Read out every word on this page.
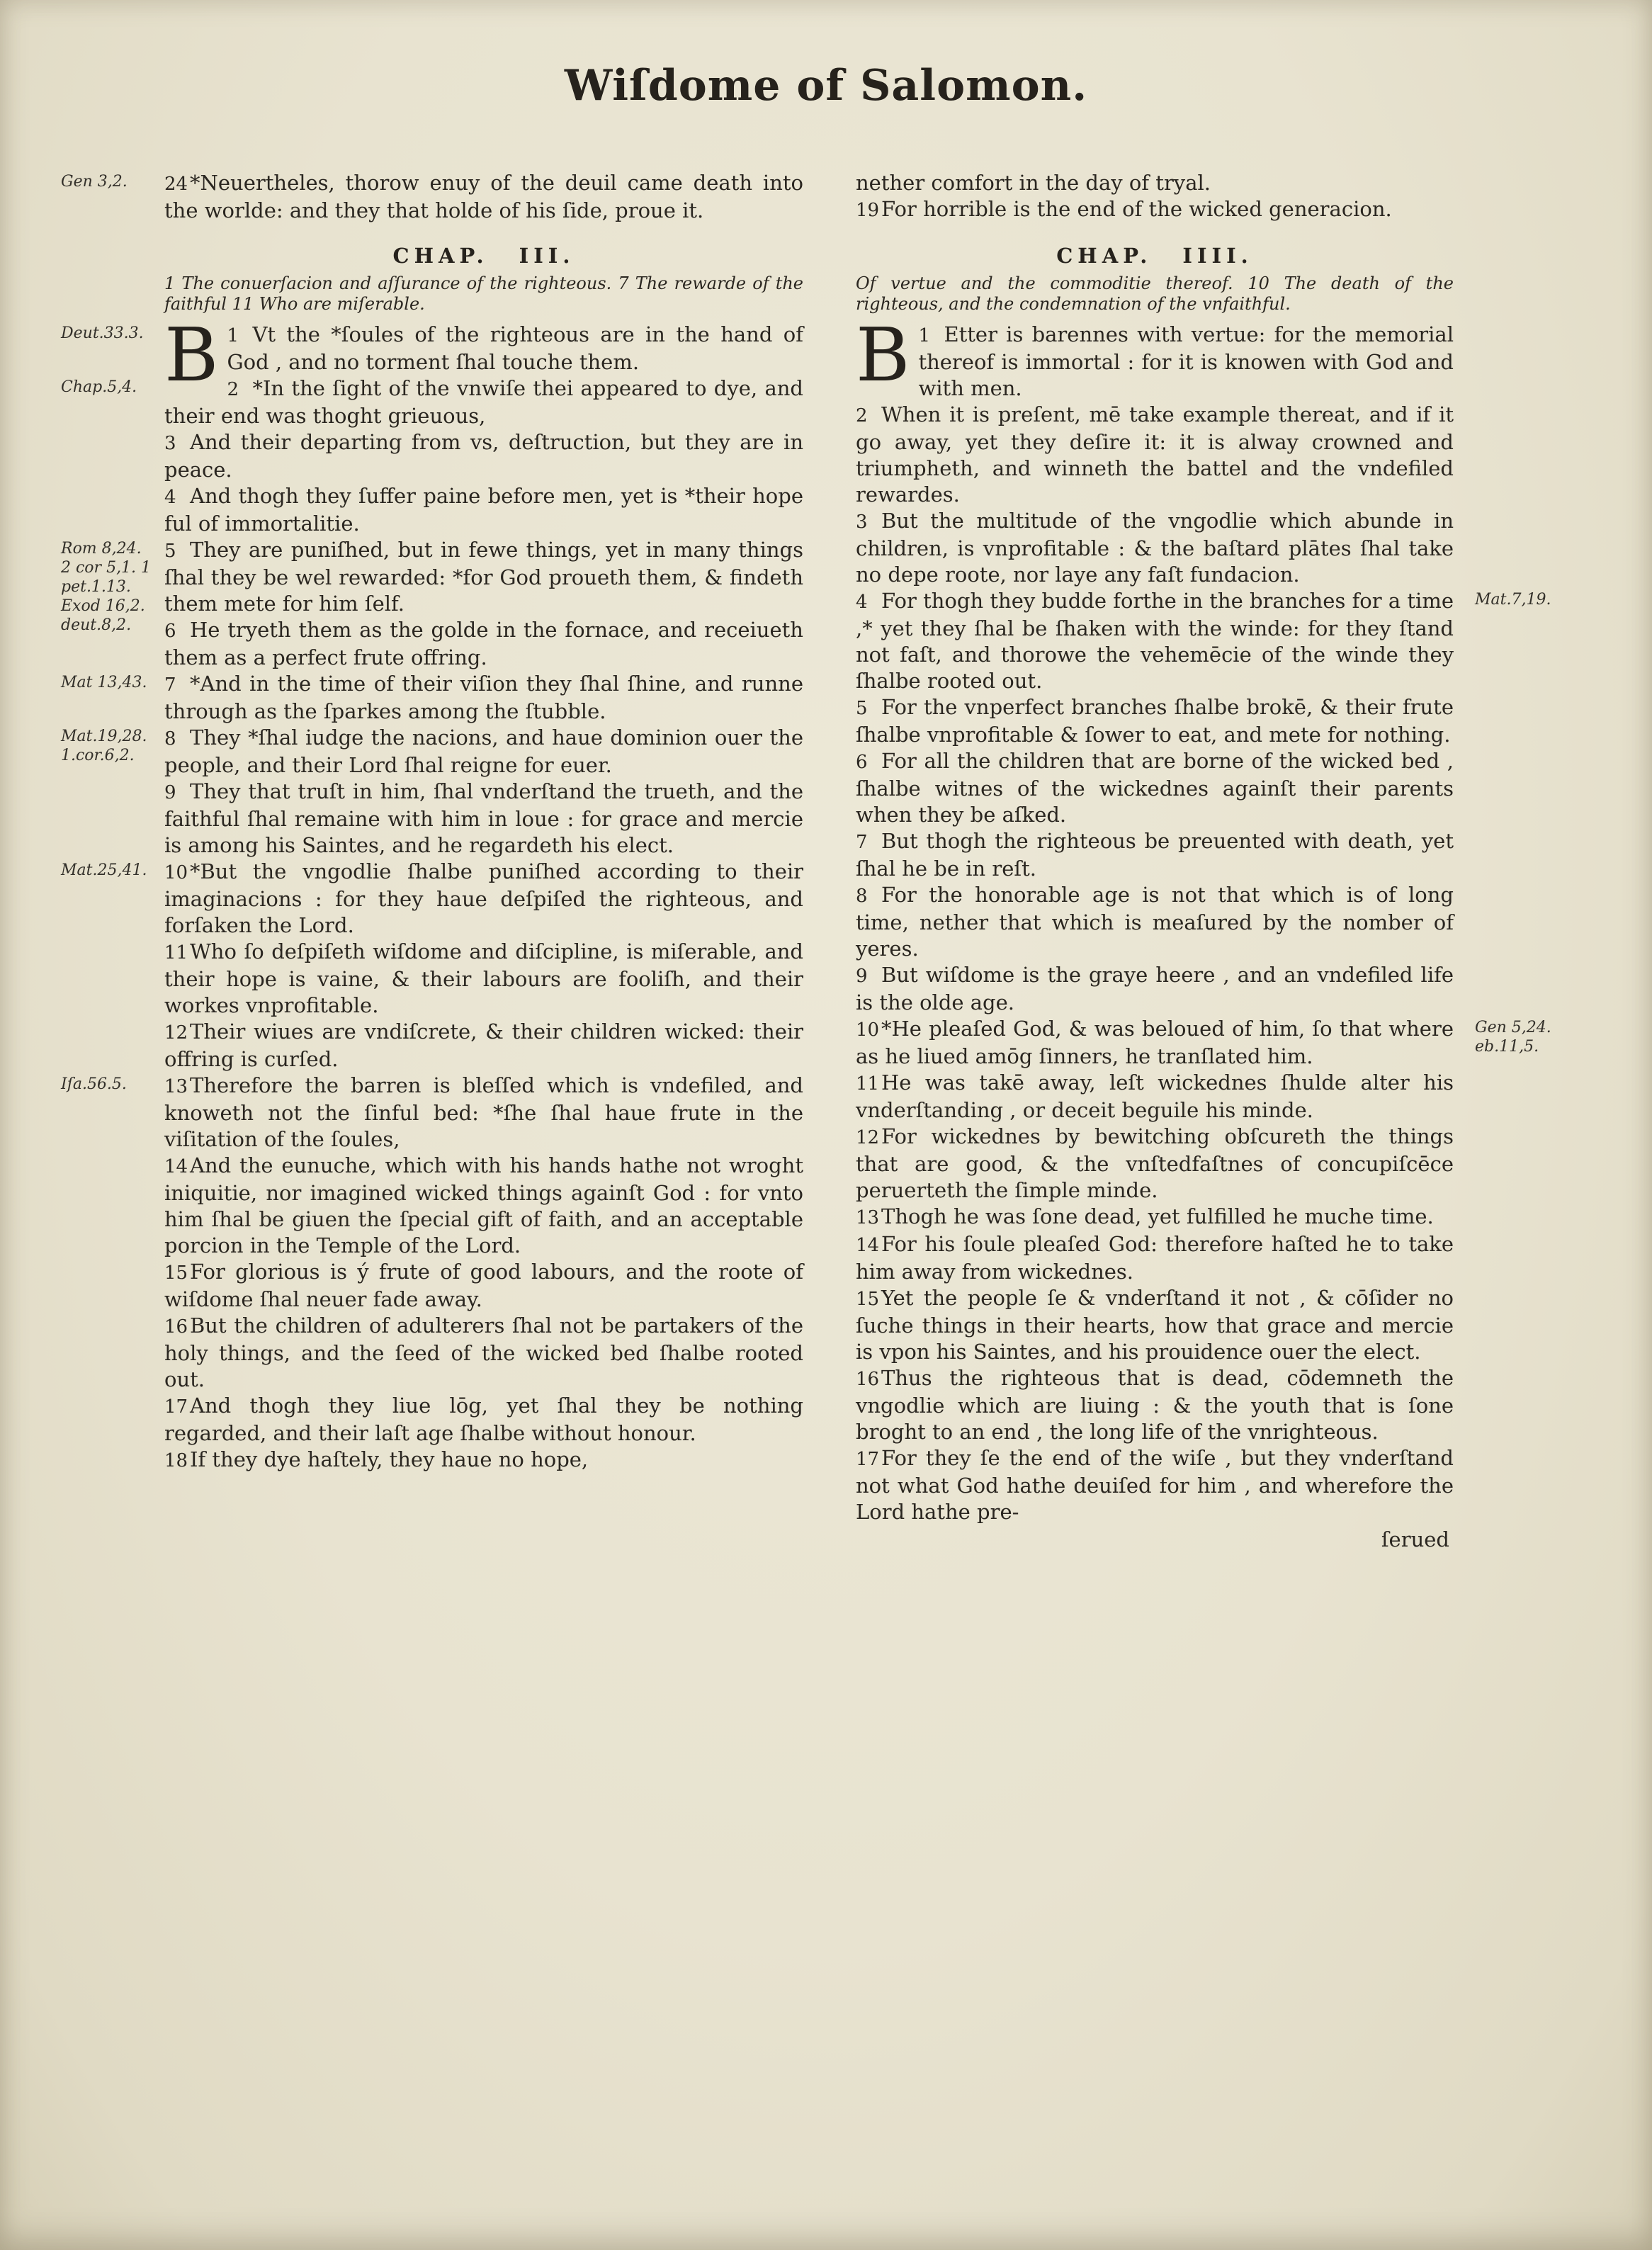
Wiſdome of Salomon.

Gen 3,2.	24 *Neuertheles, thorow enuy of the deuil came death into the worlde: and they that holde of his ſide, proue it.

CHAP. III.

1 The conuerſacion and aſſurance of the righteous. 7 The rewarde of the faithful 11 Who are miſerable.

Deut.33.3. B 1 Vt the *ſoules of the righteous are in the hand of God , and no torment ſhal touche them.

Chap.5,4.	2 *In the ſight of the vnwiſe thei appeared to dye, and their end was thoght grieuous,

3 And their departing from vs, deſtruction, but they are in peace.

4 And thogh they ſuffer paine before men, yet is *their hope ful of immortalitie.

Rom 8,24. 2 cor 5,1. 1 pet.1.13. Exod 16,2. deut.8,2.
5 They are puniſhed, but in fewe things, yet in many things ſhal they be wel rewarded: *for God proueth them, & findeth them mete for him ſelf.

6 He tryeth them as the golde in the fornace, and receiueth them as a perfect frute offring.

Mat 13,43. 7 *And in the time of their viſion they ſhal ſhine, and runne through as the ſparkes among the ſtubble.

Mat.19,28. 1.cor.6,2.
8 They *ſhal iudge the nacions, and haue dominion ouer the people, and their Lord ſhal reigne for euer.

9 They that truſt in him, ſhal vnderſtand the trueth, and the faithful ſhal remaine with him in loue : for grace and mercie is among his Saintes, and he regardeth his elect.

Mat.25,41. 10 *But the vngodlie ſhalbe puniſhed according to their imaginacions : for they haue deſpiſed the righteous, and forſaken the Lord.

11 Who ſo deſpiſeth wiſdome and diſcipline, is miſerable, and their hope is vaine, & their labours are fooliſh, and their workes vnprofitable.

12 Their wiues are vndiſcrete, & their children wicked: their offring is curſed.

Iſa.56.5.	13 Therefore the barren is bleſſed which is vndefiled, and knoweth not the ſinful bed: *ſhe ſhal haue frute in the viſitation of the ſoules,

14 And the eunuche, which with his hands hathe not wroght iniquitie, nor imagined wicked things againſt God : for vnto him ſhal be giuen the ſpecial gift of faith, and an acceptable porcion in the Temple of the Lord.

15 For glorious is ý frute of good labours, and the roote of wiſdome ſhal neuer fade away.

16 But the children of adulterers ſhal not be partakers of the holy things, and the ſeed of the wicked bed ſhalbe rooted out.

17 And thogh they liue lōg, yet ſhal they be nothing regarded, and their laſt age ſhalbe without honour.

18 If they dye haſtely, they haue no hope,

nether comfort in the day of tryal.

19 For horrible is the end of the wicked generacion.

CHAP. IIII.

Of vertue and the commoditie thereof. 10 The death of the righteous, and the condemnation of the vnfaithful.

B 1 Etter is barennes with vertue: for the memorial thereof is immortal : for it is knowen with God and with men.

2 When it is preſent, mē take example thereat, and if it go away, yet they deſire it: it is alway crowned and triumpheth, and winneth the battel and the vndefiled rewardes.

3 But the multitude of the vngodlie which abunde in children, is vnprofitable : & the baſtard plātes ſhal take no depe roote, nor laye any faſt fundacion.

Mat.7,19.
4 For thogh they budde forthe in the branches for a time ,* yet they ſhal be ſhaken with the winde: for they ſtand not faſt, and thorowe the vehemēcie of the winde they ſhalbe rooted out.

5 For the vnperfect branches ſhalbe brokē, & their frute ſhalbe vnprofitable & ſower to eat, and mete for nothing.

6 For all the children that are borne of the wicked bed , ſhalbe witnes of the wickednes againſt their parents when they be aſked.

7 But thogh the righteous be preuented with death, yet ſhal he be in reſt.

8 For the honorable age is not that which is of long time, nether that which is meaſured by the nomber of yeres.

9 But wiſdome is the graye heere , and an vndefiled life is the olde age.

Gen 5,24. eb.11,5.
10 *He pleaſed God, & was beloued of him, ſo that where as he liued amōg ſinners, he tranſlated him.

11 He was takē away, leſt wickednes ſhulde alter his vnderſtanding , or deceit beguile his minde.

12 For wickednes by bewitching obſcureth the things that are good, & the vnſtedfaſtnes of concupiſcēce peruerteth the ſimple minde.

13 Thogh he was ſone dead, yet fulfilled he muche time.

14 For his ſoule pleaſed God: therefore haſted he to take him away from wickednes.

15 Yet the people ſe & vnderſtand it not , & cōſider no ſuche things in their hearts, how that grace and mercie is vpon his Saintes, and his prouidence ouer the elect.

16 Thus the righteous that is dead, cōdemneth the vngodlie which are liuing : & the youth that is ſone broght to an end , the long life of the vnrighteous.

17 For they ſe the end of the wiſe , but they vnderſtand not what God hathe deuiſed for him , and wherefore the Lord hathe pre-

ſerued
